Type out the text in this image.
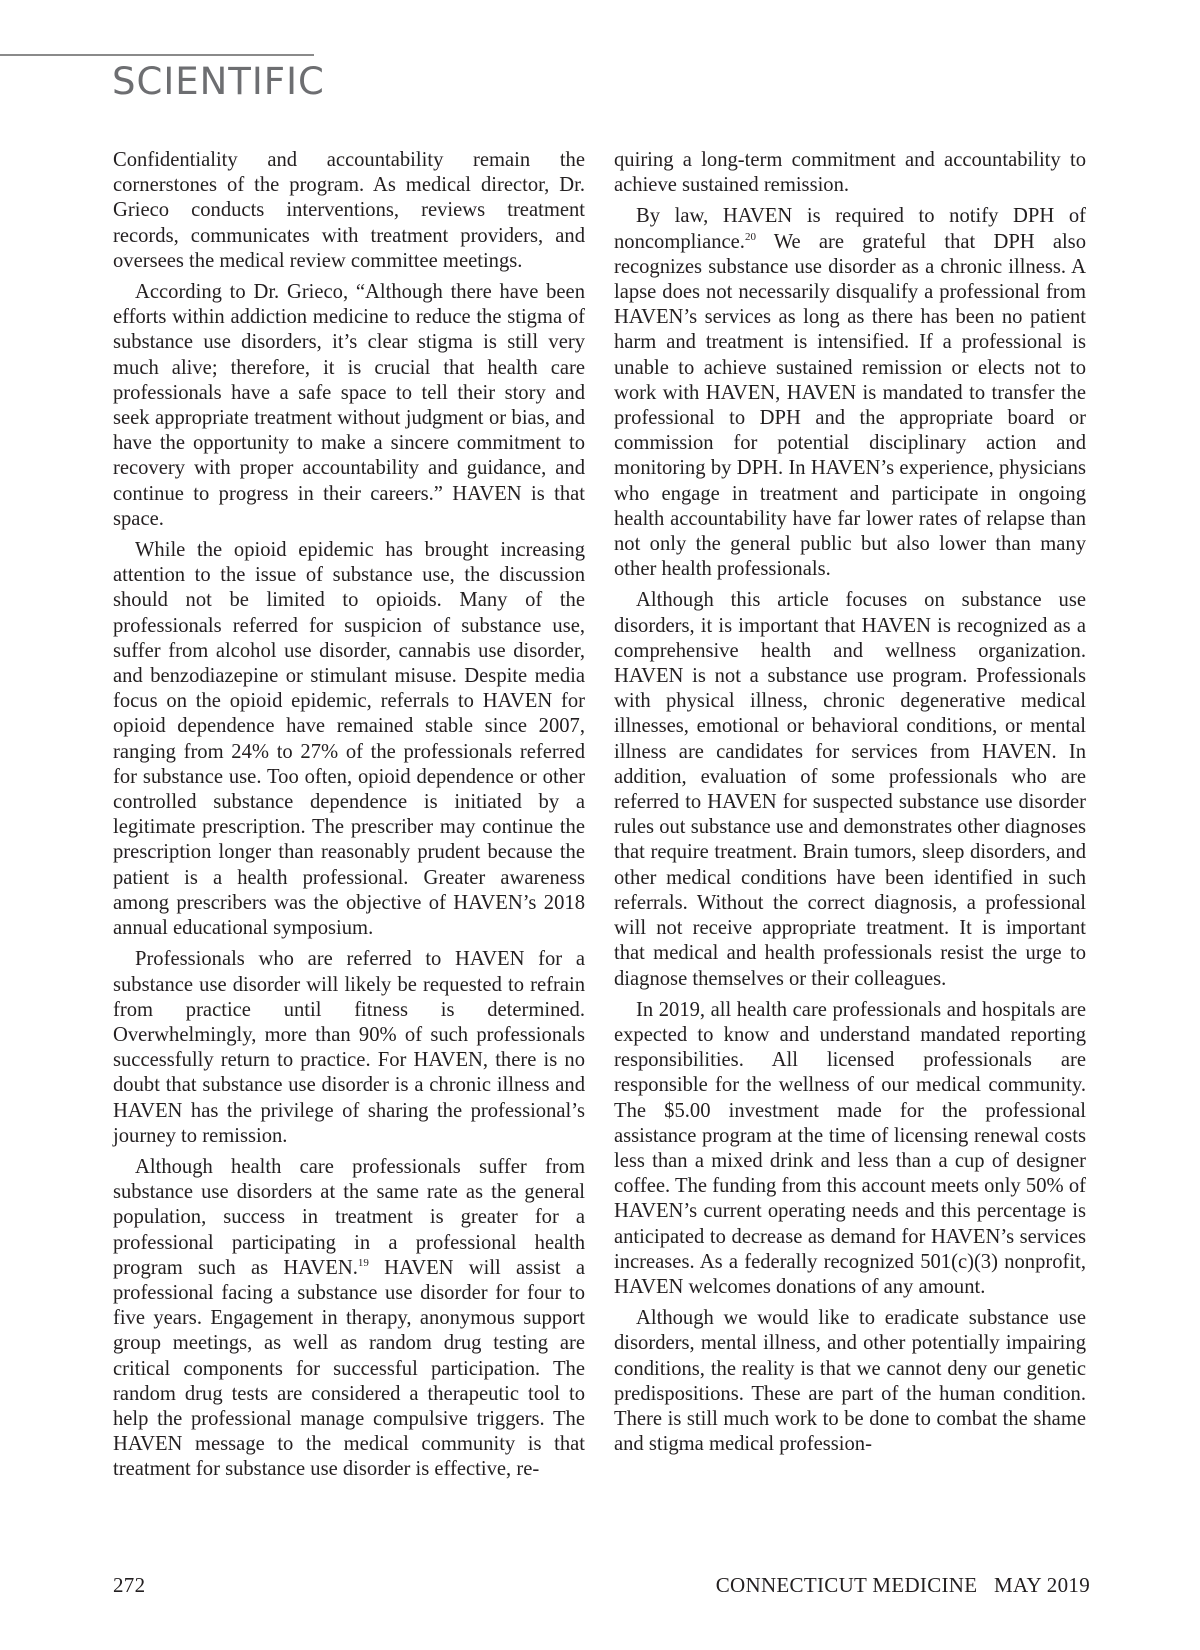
SCIENTIFIC

Confidentiality and accountability remain the cornerstones of the program. As medical director, Dr. Grieco conducts interventions, reviews treatment records, communicates with treatment providers, and oversees the medical review committee meetings.

According to Dr. Grieco, “Although there have been efforts within addiction medicine to reduce the stigma of substance use disorders, it’s clear stigma is still very much alive; therefore, it is crucial that health care professionals have a safe space to tell their story and seek appropriate treatment without judgment or bias, and have the opportunity to make a sincere commitment to recovery with proper accountability and guidance, and continue to progress in their careers.” HAVEN is that space.

While the opioid epidemic has brought increasing attention to the issue of substance use, the discussion should not be limited to opioids. Many of the professionals referred for suspicion of substance use, suffer from alcohol use disorder, cannabis use disorder, and benzodiazepine or stimulant misuse. Despite media focus on the opioid epidemic, referrals to HAVEN for opioid dependence have remained stable since 2007, ranging from 24% to 27% of the professionals referred for substance use. Too often, opioid dependence or other controlled substance dependence is initiated by a legitimate prescription. The prescriber may continue the prescription longer than reasonably prudent because the patient is a health professional. Greater awareness among prescribers was the objective of HAVEN’s 2018 annual educational symposium.

Professionals who are referred to HAVEN for a substance use disorder will likely be requested to refrain from practice until fitness is determined. Overwhelmingly, more than 90% of such professionals successfully return to practice. For HAVEN, there is no doubt that substance use disorder is a chronic illness and HAVEN has the privilege of sharing the professional’s journey to remission.

Although health care professionals suffer from substance use disorders at the same rate as the general population, success in treatment is greater for a professional participating in a professional health program such as HAVEN.$^{19}$ HAVEN will assist a professional facing a substance use disorder for four to five years. Engagement in therapy, anonymous support group meetings, as well as random drug testing are critical components for successful participation. The random drug tests are considered a therapeutic tool to help the professional manage compulsive triggers. The HAVEN message to the medical community is that treatment for substance use disorder is effective, re-

quiring a long-term commitment and accountability to achieve sustained remission.

By law, HAVEN is required to notify DPH of noncompliance.$^{20}$ We are grateful that DPH also recognizes substance use disorder as a chronic illness. A lapse does not necessarily disqualify a professional from HAVEN’s services as long as there has been no patient harm and treatment is intensified. If a professional is unable to achieve sustained remission or elects not to work with HAVEN, HAVEN is mandated to transfer the professional to DPH and the appropriate board or commission for potential disciplinary action and monitoring by DPH. In HAVEN’s experience, physicians who engage in treatment and participate in ongoing health accountability have far lower rates of relapse than not only the general public but also lower than many other health professionals.

Although this article focuses on substance use disorders, it is important that HAVEN is recognized as a comprehensive health and wellness organization. HAVEN is not a substance use program. Professionals with physical illness, chronic degenerative medical illnesses, emotional or behavioral conditions, or mental illness are candidates for services from HAVEN. In addition, evaluation of some professionals who are referred to HAVEN for suspected substance use disorder rules out substance use and demonstrates other diagnoses that require treatment. Brain tumors, sleep disorders, and other medical conditions have been identified in such referrals. Without the correct diagnosis, a professional will not receive appropriate treatment. It is important that medical and health professionals resist the urge to diagnose themselves or their colleagues.

In 2019, all health care professionals and hospitals are expected to know and understand mandated reporting responsibilities. All licensed professionals are responsible for the wellness of our medical community. The $5.00 investment made for the professional assistance program at the time of licensing renewal costs less than a mixed drink and less than a cup of designer coffee. The funding from this account meets only 50% of HAVEN’s current operating needs and this percentage is anticipated to decrease as demand for HAVEN’s services increases. As a federally recognized 501(c)(3) nonprofit, HAVEN welcomes donations of any amount.

Although we would like to eradicate substance use disorders, mental illness, and other potentially impairing conditions, the reality is that we cannot deny our genetic predispositions. These are part of the human condition. There is still much work to be done to combat the shame and stigma medical profession-

272	CONNECTICUT MEDICINE   MAY 2019
